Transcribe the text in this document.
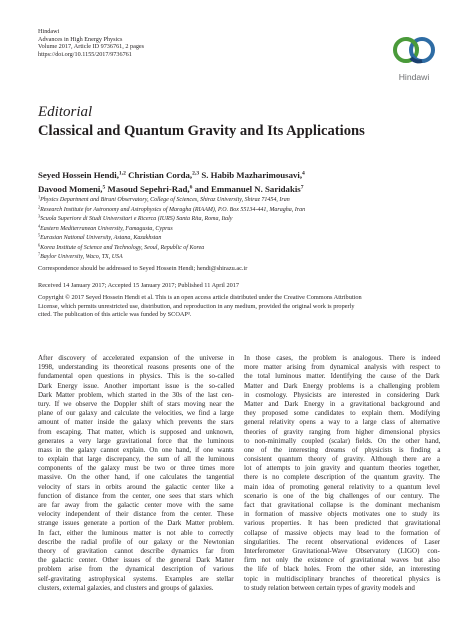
Hindawi
Advances in High Energy Physics
Volume 2017, Article ID 9736761, 2 pages
https://doi.org/10.1155/2017/9736761
Hindawi
Editorial
Classical and Quantum Gravity and Its Applications
Seyed Hossein Hendi,$^{1,2}$ Christian Corda,$^{2,3}$ S. Habib Mazharimousavi,$^4$
Davood Momeni,$^5$ Masoud Sepehri-Rad,$^6$ and Emmanuel N. Saridakis$^7$
$^1$Physics Department and Biruni Observatory, College of Sciences, Shiraz University, Shiraz 71454, Iran
$^2$Research Institute for Astronomy and Astrophysics of Maragha (RIAAM), P.O. Box 55134-441, Maragha, Iran
$^3$Scuola Superiore di Studi Universitari e Ricerca (IURS) Santa Rita, Roma, Italy
$^4$Eastern Mediterranean University, Famagusta, Cyprus
$^5$Eurasian National University, Astana, Kazakhstan
$^6$Korea Institute of Science and Technology, Seoul, Republic of Korea
$^7$Baylor University, Waco, TX, USA
Correspondence should be addressed to Seyed Hossein Hendi; hendi@shirazu.ac.ir
Received 14 January 2017; Accepted 15 January 2017; Published 11 April 2017
Copyright © 2017 Seyed Hossein Hendi et al. This is an open access article distributed under the Creative Commons Attribution
License, which permits unrestricted use, distribution, and reproduction in any medium, provided the original work is properly
cited. The publication of this article was funded by SCOAP³.
After discovery of accelerated expansion of the universe in
1998, understanding its theoretical reasons presents one of the
fundamental open questions in physics. This is the so-called
Dark Energy issue. Another important issue is the so-called
Dark Matter problem, which started in the 30s of the last cen-
tury. If we observe the Doppler shift of stars moving near the
plane of our galaxy and calculate the velocities, we find a large
amount of matter inside the galaxy which prevents the stars
from escaping. That matter, which is supposed and unknown,
generates a very large gravitational force that the luminous
mass in the galaxy cannot explain. On one hand, if one wants
to explain that large discrepancy, the sum of all the luminous
components of the galaxy must be two or three times more
massive. On the other hand, if one calculates the tangential
velocity of stars in orbits around the galactic center like a
function of distance from the center, one sees that stars which
are far away from the galactic center move with the same
velocity independent of their distance from the center. These
strange issues generate a portion of the Dark Matter problem.
In fact, either the luminous matter is not able to correctly
describe the radial profile of our galaxy or the Newtonian
theory of gravitation cannot describe dynamics far from
the galactic center. Other issues of the general Dark Matter
problem arise from the dynamical description of various
self-gravitating astrophysical systems. Examples are stellar
clusters, external galaxies, and clusters and groups of galaxies.
In those cases, the problem is analogous. There is indeed
more matter arising from dynamical analysis with respect to
the total luminous matter. Identifying the cause of the Dark
Matter and Dark Energy problems is a challenging problem
in cosmology. Physicists are interested in considering Dark
Matter and Dark Energy in a gravitational background and
they proposed some candidates to explain them. Modifying
general relativity opens a way to a large class of alternative
theories of gravity ranging from higher dimensional physics
to non-minimally coupled (scalar) fields. On the other hand,
one of the interesting dreams of physicists is finding a
consistent quantum theory of gravity. Although there are a
lot of attempts to join gravity and quantum theories together,
there is no complete description of the quantum gravity. The
main idea of promoting general relativity to a quantum level
scenario is one of the big challenges of our century. The
fact that gravitational collapse is the dominant mechanism
in formation of massive objects motivates one to study its
various properties. It has been predicted that gravitational
collapse of massive objects may lead to the formation of
singularities. The recent observational evidences of Laser
Interferometer Gravitational-Wave Observatory (LIGO) con-
firm not only the existence of gravitational waves but also
the life of black holes. From the other side, an interesting
topic in multidisciplinary branches of theoretical physics is
to study relation between certain types of gravity models and
